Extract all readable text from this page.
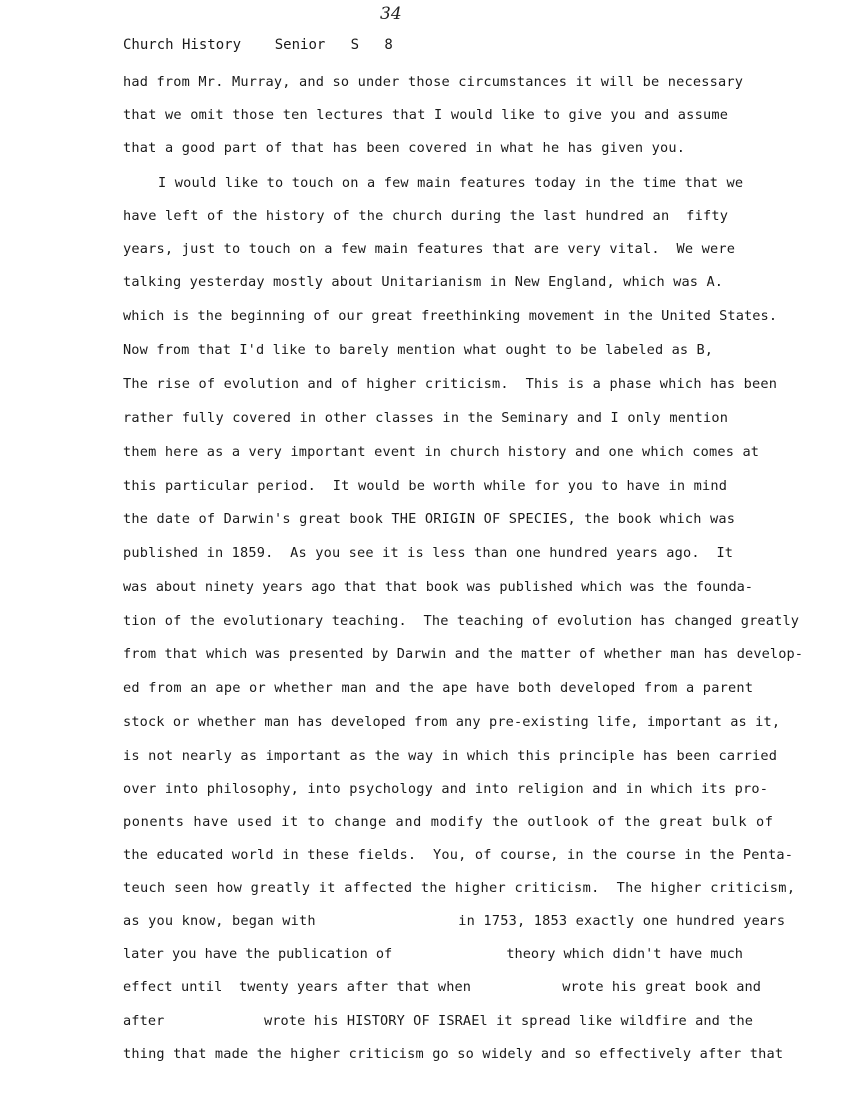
34
Church History Senior S 8
had from Mr. Murray, and so under those circumstances it will be necessary
that we omit those ten lectures that I would like to give you and assume
that a good part of that has been covered in what he has given you.
I would like to touch on a few main features today in the time that we
have left of the history of the church during the last hundred an  fifty
years, just to touch on a few main features that are very vital.  We were
talking yesterday mostly about Unitarianism in New England, which was A.
which is the beginning of our great freethinking movement in the United States.
Now from that I'd like to barely mention what ought to be labeled as B,
The rise of evolution and of higher criticism.  This is a phase which has been
rather fully covered in other classes in the Seminary and I only mention
them here as a very important event in church history and one which comes at
this particular period.  It would be worth while for you to have in mind
the date of Darwin's great book THE ORIGIN OF SPECIES, the book which was
published in 1859.  As you see it is less than one hundred years ago.  It
was about ninety years ago that that book was published which was the founda-
tion of the evolutionary teaching.  The teaching of evolution has changed greatly
from that which was presented by Darwin and the matter of whether man has develop-
ed from an ape or whether man and the ape have both developed from a parent
stock or whether man has developed from any pre-existing life, important as it,
is not nearly as important as the way in which this principle has been carried
over into philosophy, into psychology and into religion and in which its pro-
ponents have used it to change and modify the outlook of the great bulk of
the educated world in these fields.  You, of course, in the course in the Penta-
teuch seen how greatly it affected the higher criticism.  The higher criticism,
as you know, began with                 in 1753, 1853 exactly one hundred years
later you have the publication of              theory which didn't have much
effect until  twenty years after that when           wrote his great book and
after            wrote his HISTORY OF ISRAEl it spread like wildfire and the
thing that made the higher criticism go so widely and so effectively after that
